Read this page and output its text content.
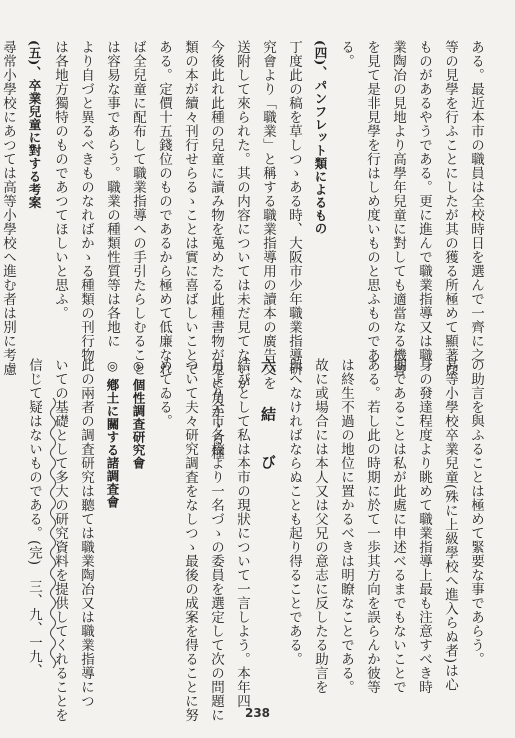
ある。最近本市の職員は全校時日を選んで一齊に之

等の見學を行ふことにしたが其の獲る所極めて顯著な

ものがあるやうである。更に進んで職業指導又は職

業陶冶の見地より高學年兒童に對しても適當なる機會

を見て是非見學を行はしめ度いものと思ふものであ

る。

(四)、パンフレット類によるもの

丁度此の稿を草しつゝある時、大阪市少年職業指導研

究會より「職業」と稱する職業指導用の讀本の廣告文を

送附して來られた。其の内容については未だ見てないが

今後此れ此種の兒童に讀み物を蒐めたる此種書物が兎に角かゝる種

類の本が續々刊行せらるゝことは實に喜ばしいことで

ある。定價十五錢位のものであるから極めて低廉なれ

ば全兒童に配布して職業指導への手引たらしむること

は容易な事であらう。職業の種類性質等は各地に

より自づと異るべきものなればかゝる種類の刊行物

は各地方獨特のものであつてほしいと思ふ。

(五)、卒業兒童に對する考案

尋常小學校にあつては高等小學校へ進む者は別に考慮

の助言を與ふることは極めて緊要な事であらう。

高等小學校卒業兒童(殊に上級學校へ進入らぬ者)は心

身の發達程度より眺めて職業指導上最も注意すべき時

期であることは私が此處に申述べるまでもないことで

ある。若し此の時期に於て一歩其方向を誤らんか彼等

は終生不過の地位に置かるべきは明瞭なことである。

故に或場合には本人又は父兄の意志に反したる助言を

與へなければならぬことも起り得ることである。

六 結 び

結びとして私は本市の現狀について一言しよう。本年四

月より全市各校より一名づゝの委員を選定して次の問題に

ついて夫々研究調査をなしつゝ最後の成案を得ることに努

めてゐる。

◎ 個性調査研究會

◎ 鄕土に關する諸調査會

此の兩者の調査研究は聽ては職業陶冶又は職業指導につ

いての基礎として多大の研究資料を提供してくれることを

信じて疑はないものである。(完)　三、九、一九、

238
